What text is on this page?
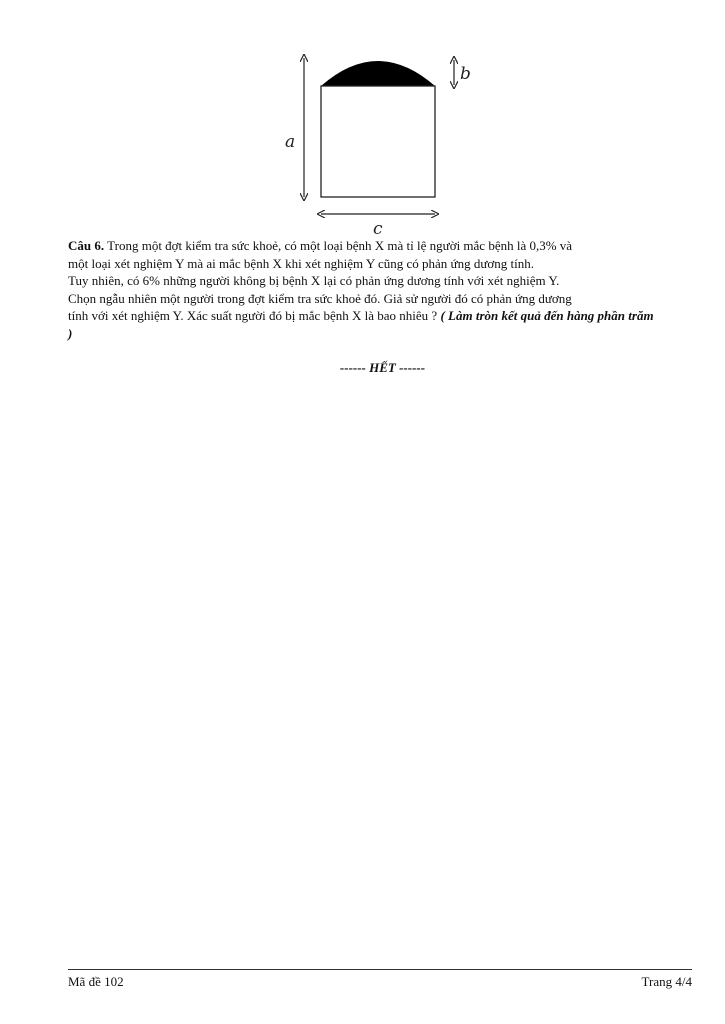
a
b
c

Câu 6. Trong một đợt kiểm tra sức khoẻ, có một loại bệnh X mà tỉ lệ người mắc bệnh là 0,3% và

một loại xét nghiệm Y mà ai mắc bệnh X khi xét nghiệm Y cũng có phản ứng dương tính.

Tuy nhiên, có 6% những người không bị bệnh X lại có phản ứng dương tính với xét nghiệm Y.

Chọn ngẫu nhiên một người trong đợt kiểm tra sức khoẻ đó. Giả sử người đó có phản ứng dương

tính với xét nghiệm Y. Xác suất người đó bị mắc bệnh X là bao nhiêu ? ( Làm tròn kết quả đến hàng phần trăm )

------ HẾT ------
Mã đề 102	Trang 4/4
